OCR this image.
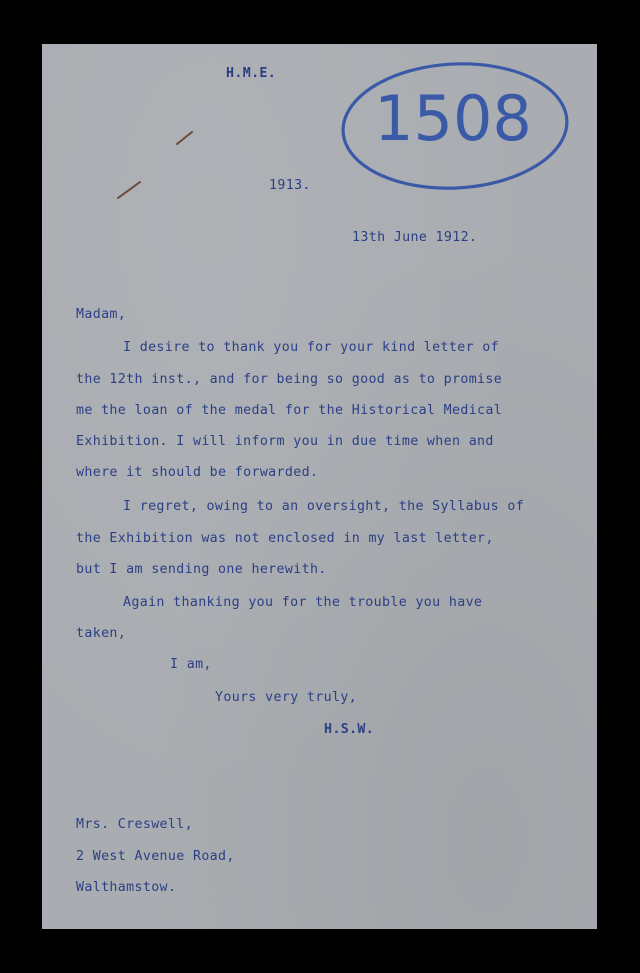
1508
H.M.E.
1913.
13th June 1912.
Madam,
I desire to thank you for your kind letter of
the 12th inst., and for being so good as to promise
me the loan of the medal for the Historical Medical
Exhibition. I will inform you in due time when and
where it should be forwarded.
I regret, owing to an oversight, the Syllabus of
the Exhibition was not enclosed in my last letter,
but I am sending one herewith.
Again thanking you for the trouble you have
taken,
I am,
Yours very truly,
H.S.W.
Mrs. Creswell,
2 West Avenue Road,
Walthamstow.
